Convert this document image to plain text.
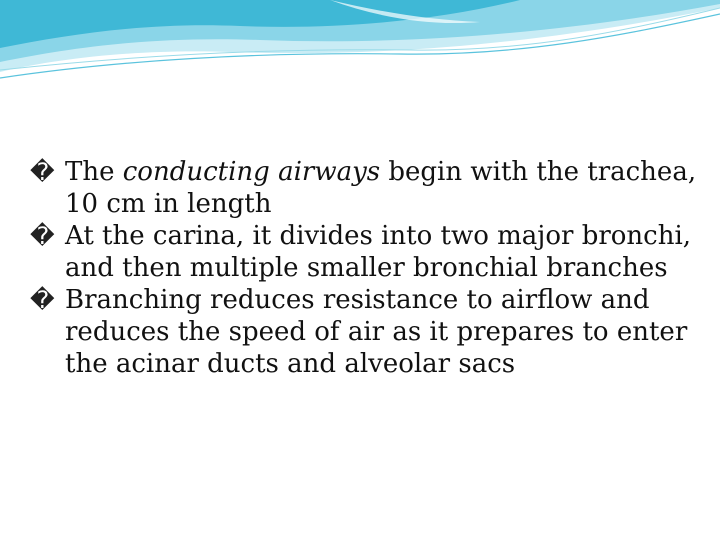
� The conducting airways begin with the trachea, 10 cm in length

� At the carina, it divides into two major bronchi, and then multiple smaller bronchial branches

� Branching reduces resistance to airflow and reduces the speed of air as it prepares to enter the acinar ducts and alveolar sacs
